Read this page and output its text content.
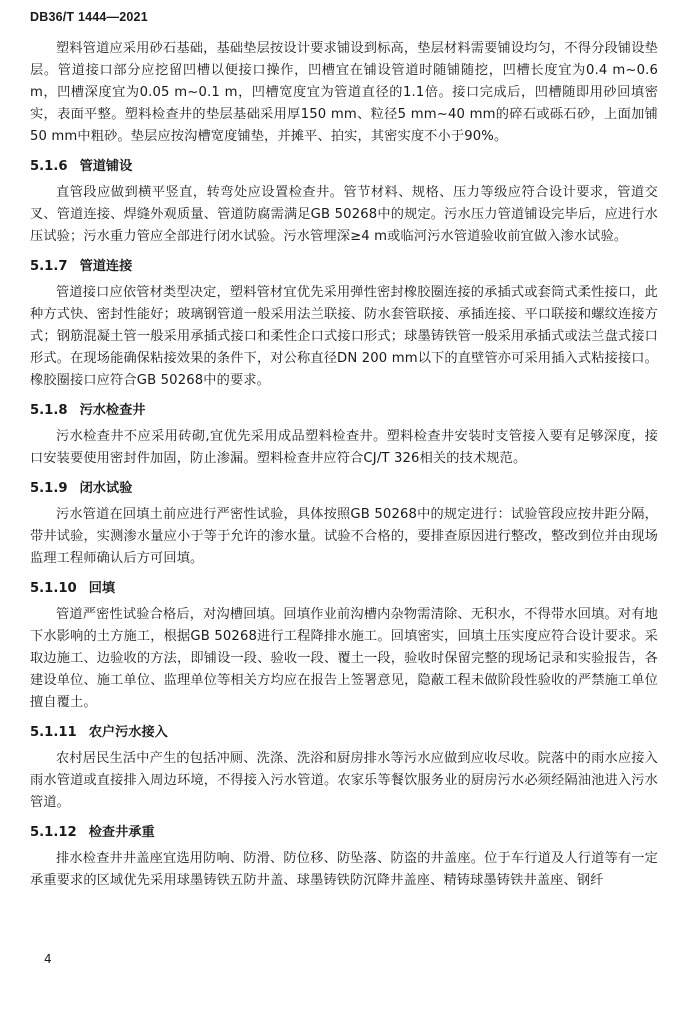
DB36/T 1444—2021

塑料管道应采用砂石基础，基础垫层按设计要求铺设到标高，垫层材料需要铺设均匀，不得分段铺设垫层。管道接口部分应挖留凹槽以便接口操作，凹槽宜在铺设管道时随铺随挖，凹槽长度宜为0.4 m~0.6 m，凹槽深度宜为0.05 m~0.1 m，凹槽宽度宜为管道直径的1.1倍。接口完成后，凹槽随即用砂回填密实，表面平整。塑料检查井的垫层基础采用厚150 mm、粒径5 mm~40 mm的碎石或砾石砂，上面加铺50 mm中粗砂。垫层应按沟槽宽度铺垫，并摊平、拍实，其密实度不小于90%。

5.1.6 管道铺设

直管段应做到横平竖直，转弯处应设置检查井。管节材料、规格、压力等级应符合设计要求，管道交叉、管道连接、焊缝外观质量、管道防腐需满足GB 50268中的规定。污水压力管道铺设完毕后，应进行水压试验；污水重力管应全部进行闭水试验。污水管埋深≥4 m或临河污水管道验收前宜做入渗水试验。

5.1.7 管道连接

管道接口应依管材类型决定，塑料管材宜优先采用弹性密封橡胶圈连接的承插式或套筒式柔性接口，此种方式快、密封性能好；玻璃钢管道一般采用法兰联接、防水套管联接、承插连接、平口联接和螺纹连接方式；钢筋混凝土管一般采用承插式接口和柔性企口式接口形式；球墨铸铁管一般采用承插式或法兰盘式接口形式。在现场能确保粘接效果的条件下，对公称直径DN 200 mm以下的直壁管亦可采用插入式粘接接口。橡胶圈接口应符合GB 50268中的要求。

5.1.8 污水检查井

污水检查井不应采用砖砌,宜优先采用成品塑料检查井。塑料检查井安装时支管接入要有足够深度，接口安装要使用密封件加固，防止渗漏。塑料检查井应符合CJ/T 326相关的技术规范。

5.1.9 闭水试验

污水管道在回填土前应进行严密性试验，具体按照GB 50268中的规定进行：试验管段应按井距分隔，带井试验，实测渗水量应小于等于允许的渗水量。试验不合格的，要排查原因进行整改，整改到位并由现场监理工程师确认后方可回填。

5.1.10 回填

管道严密性试验合格后，对沟槽回填。回填作业前沟槽内杂物需清除、无积水，不得带水回填。对有地下水影响的土方施工，根据GB 50268进行工程降排水施工。回填密实，回填土压实度应符合设计要求。采取边施工、边验收的方法，即铺设一段、验收一段、覆土一段，验收时保留完整的现场记录和实验报告，各建设单位、施工单位、监理单位等相关方均应在报告上签署意见，隐蔽工程未做阶段性验收的严禁施工单位擅自覆土。

5.1.11 农户污水接入

农村居民生活中产生的包括冲厕、洗涤、洗浴和厨房排水等污水应做到应收尽收。院落中的雨水应接入雨水管道或直接排入周边环境，不得接入污水管道。农家乐等餐饮服务业的厨房污水必须经隔油池进入污水管道。

5.1.12 检查井承重

排水检查井井盖座宜选用防响、防滑、防位移、防坠落、防盗的井盖座。位于车行道及人行道等有一定承重要求的区域优先采用球墨铸铁五防井盖、球墨铸铁防沉降井盖座、精铸球墨铸铁井盖座、钢纤

4
